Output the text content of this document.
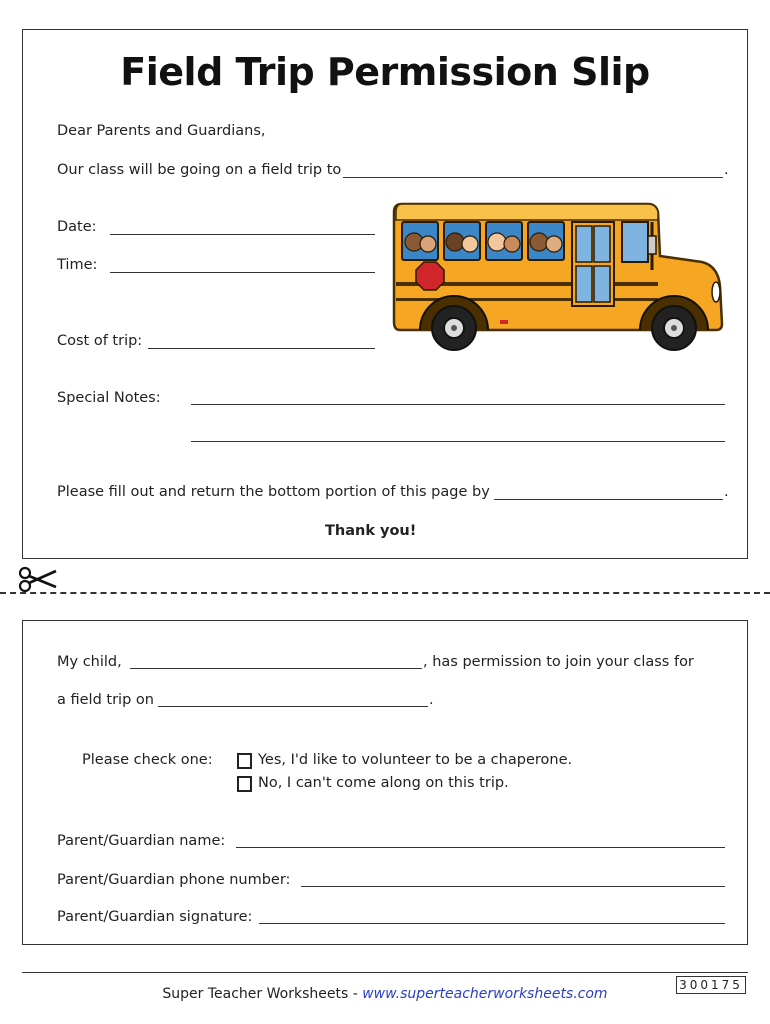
Field Trip Permission Slip
Dear Parents and Guardians,
Our class will be going on a field trip to	.
Date:
Time:
Cost of trip:
Special Notes:
Please fill out and return the bottom portion of this page by	.
Thank you!
My child,	, has permission to join your class for
a field trip on	.
Please check one:	Yes, I'd like to volunteer to be a chaperone.
No, I can't come along on this trip.
Parent/Guardian name:
Parent/Guardian phone number:
Parent/Guardian signature:
Super Teacher Worksheets - www.superteacherworksheets.com
300175
